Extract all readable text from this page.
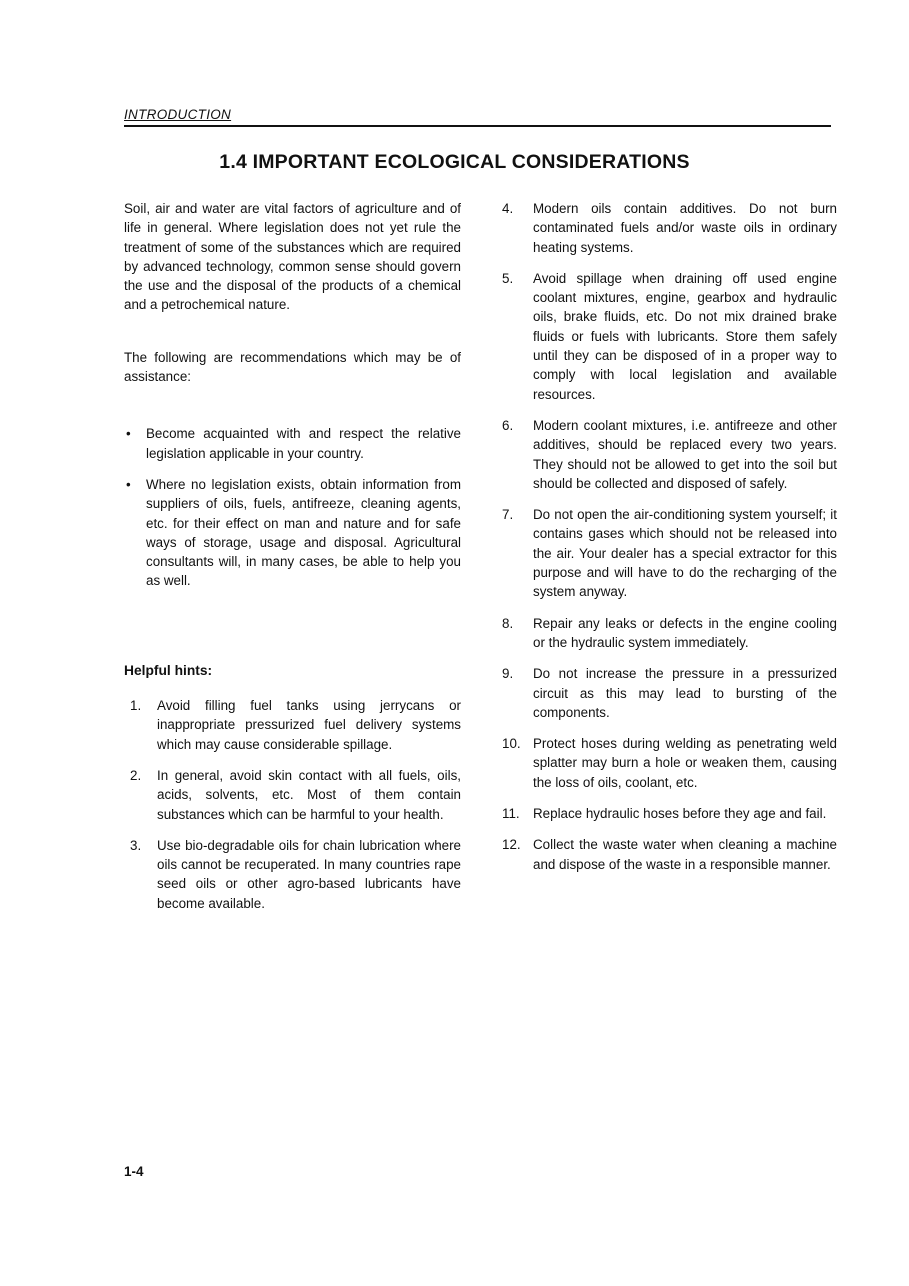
INTRODUCTION
1.4 IMPORTANT ECOLOGICAL CONSIDERATIONS

Soil, air and water are vital factors of agriculture and of life in general. Where legislation does not yet rule the treatment of some of the substances which are required by advanced technology, common sense should govern the use and the disposal of the products of a chemical and a petrochemical nature.

The following are recommendations which may be of assistance:

• Become acquainted with and respect the relative legislation applicable in your country.
• Where no legislation exists, obtain information from suppliers of oils, fuels, antifreeze, cleaning agents, etc. for their effect on man and nature and for safe ways of storage, usage and disposal. Agricultural consultants will, in many cases, be able to help you as well.
Helpful hints:
1. Avoid filling fuel tanks using jerrycans or inappropriate pressurized fuel delivery systems which may cause considerable spillage.
2. In general, avoid skin contact with all fuels, oils, acids, solvents, etc. Most of them contain substances which can be harmful to your health.
3. Use bio-degradable oils for chain lubrication where oils cannot be recuperated. In many countries rape seed oils or other agro-based lubricants have become available.
4. Modern oils contain additives. Do not burn contaminated fuels and/or waste oils in ordinary heating systems.
5. Avoid spillage when draining off used engine coolant mixtures, engine, gearbox and hydraulic oils, brake fluids, etc. Do not mix drained brake fluids or fuels with lubricants. Store them safely until they can be disposed of in a proper way to comply with local legislation and available resources.
6. Modern coolant mixtures, i.e. antifreeze and other additives, should be replaced every two years. They should not be allowed to get into the soil but should be collected and disposed of safely.
7. Do not open the air-conditioning system yourself; it contains gases which should not be released into the air. Your dealer has a special extractor for this purpose and will have to do the recharging of the system anyway.
8. Repair any leaks or defects in the engine cooling or the hydraulic system immediately.
9. Do not increase the pressure in a pressurized circuit as this may lead to bursting of the components.
10. Protect hoses during welding as penetrating weld splatter may burn a hole or weaken them, causing the loss of oils, coolant, etc.
11. Replace hydraulic hoses before they age and fail.
12. Collect the waste water when cleaning a machine and dispose of the waste in a responsible manner.
1-4
